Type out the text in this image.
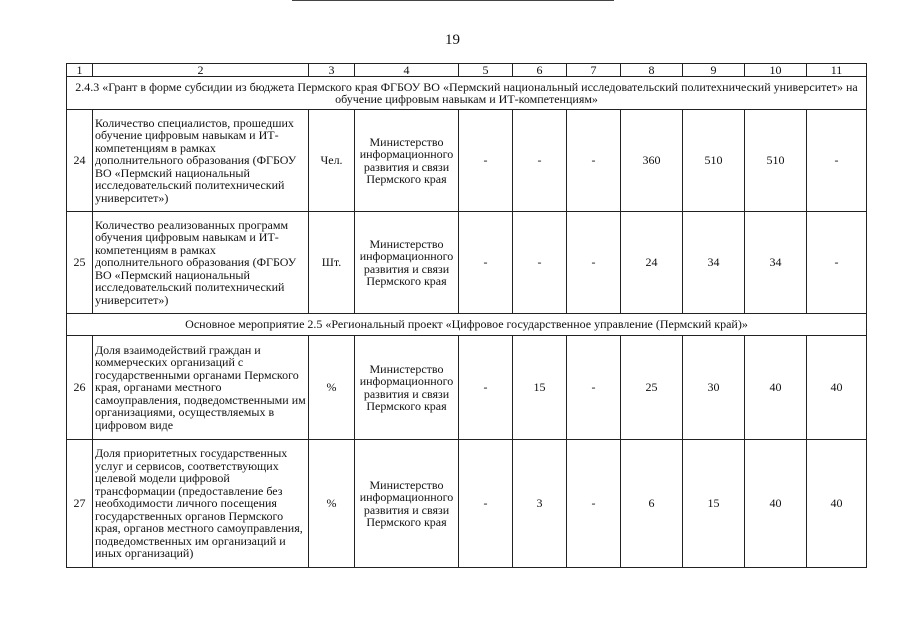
19
1	2	3	4	5	6	7	8	9	10	11
2.4.3 «Грант в форме субсидии из бюджета Пермского края ФГБОУ ВО «Пермский национальный исследовательский политехнический университет» на обучение цифровым навыкам и ИТ-компетенциям»										
24	Количество специалистов, прошедших обучение цифровым навыкам и ИТ-компетенциям в рамках дополнительного образования (ФГБОУ ВО «Пермский национальный исследовательский политехнический университет»)	Чел.	Министерство информационного развития и связи Пермского края	-	-	-	360	510	510	-
25	Количество реализованных программ обучения цифровым навыкам и ИТ-компетенциям в рамках дополнительного образования (ФГБОУ ВО «Пермский национальный исследовательский политехнический университет»)	Шт.	Министерство информационного развития и связи Пермского края	-	-	-	24	34	34	-
Основное мероприятие 2.5 «Региональный проект «Цифровое государственное управление (Пермский край)»										
26	Доля взаимодействий граждан и коммерческих организаций с государственными органами Пермского края, органами местного самоуправления, подведомственными им организациями, осуществляемых в цифровом виде	%	Министерство информационного развития и связи Пермского края	-	15	-	25	30	40	40
27	Доля приоритетных государственных услуг и сервисов, соответствующих целевой модели цифровой трансформации (предоставление без необходимости личного посещения государственных органов Пермского края, органов местного самоуправления, подведомственных им организаций и иных организаций)	%	Министерство информационного развития и связи Пермского края	-	3	-	6	15	40	40
